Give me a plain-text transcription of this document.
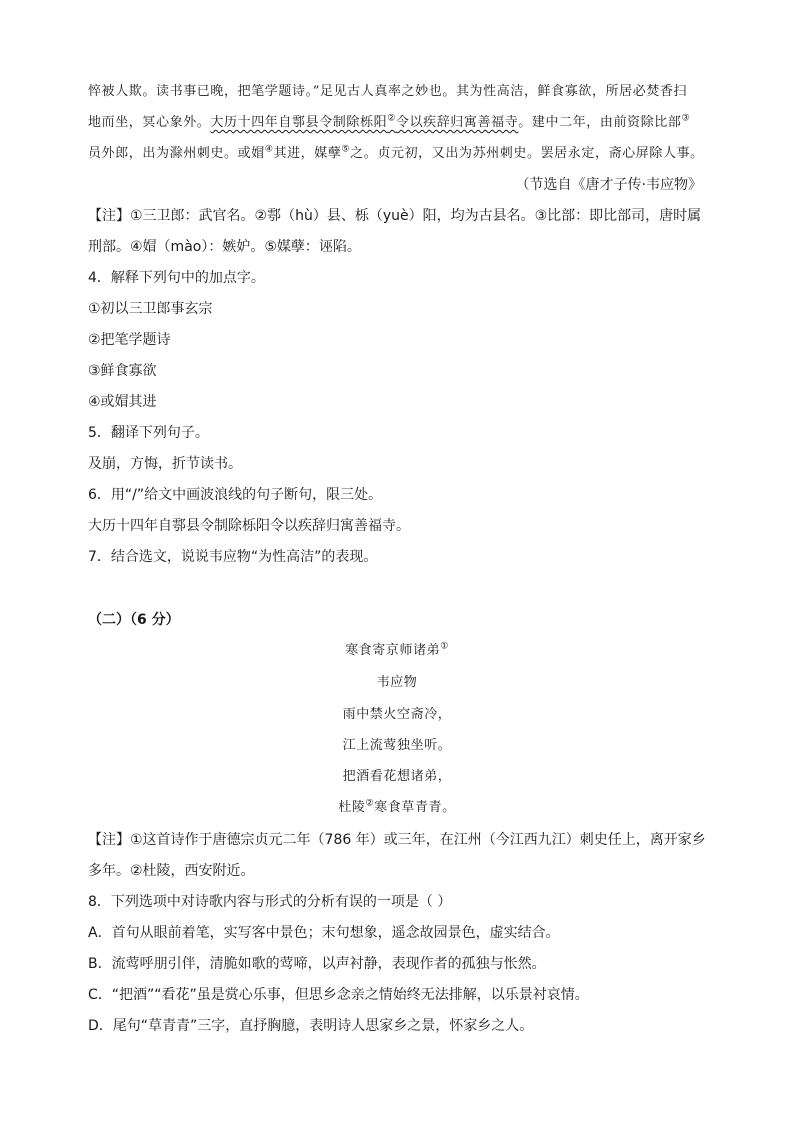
悴被人欺。读书事已晚，把笔学题诗。”足见古人真率之妙也。其为性高洁，鲜食寡欲，所居必焚香扫
地而坐，冥心象外。大历十四年自鄠县令制除栎阳②令以疾辞归寓善福寺。建中二年，由前资除比部③
员外郎，出为滁州刺史。或媢④其进，媒孽⑤之。贞元初，又出为苏州刺史。罢居永定，斋心屏除人事。
（节选自《唐才子传·韦应物》
【注】①三卫郎：武官名。②鄠（hù）县、栎（yuè）阳，均为古县名。③比部：即比部司，唐时属
刑部。④媢（mào）：嫉妒。⑤媒孽：诬陷。
4．解释下列句中的加点字。
①初以三卫郎事玄宗
②把笔学题诗
③鲜食寡欲
④或媢其进
5．翻译下列句子。
及崩，方悔，折节读书。
6．用“/”给文中画波浪线的句子断句，限三处。
大历十四年自鄠县令制除栎阳令以疾辞归寓善福寺。
7．结合选文，说说韦应物“为性高洁”的表现。
（二）（6 分）
寒食寄京师诸弟①
韦应物
雨中禁火空斋冷，
江上流莺独坐听。
把酒看花想诸弟，
杜陵②寒食草青青。
【注】①这首诗作于唐德宗贞元二年（786 年）或三年，在江州（今江西九江）刺史任上，离开家乡
多年。②杜陵，西安附近。
8．下列选项中对诗歌内容与形式的分析有误的一项是（ ）
A．首句从眼前着笔，实写客中景色；末句想象，遥念故园景色，虚实结合。
B．流莺呼朋引伴，清脆如歌的莺啼，以声衬静，表现作者的孤独与怅然。
C．“把酒”“看花”虽是赏心乐事，但思乡念亲之情始终无法排解，以乐景衬哀情。
D．尾句“草青青”三字，直抒胸臆，表明诗人思家乡之景，怀家乡之人。
